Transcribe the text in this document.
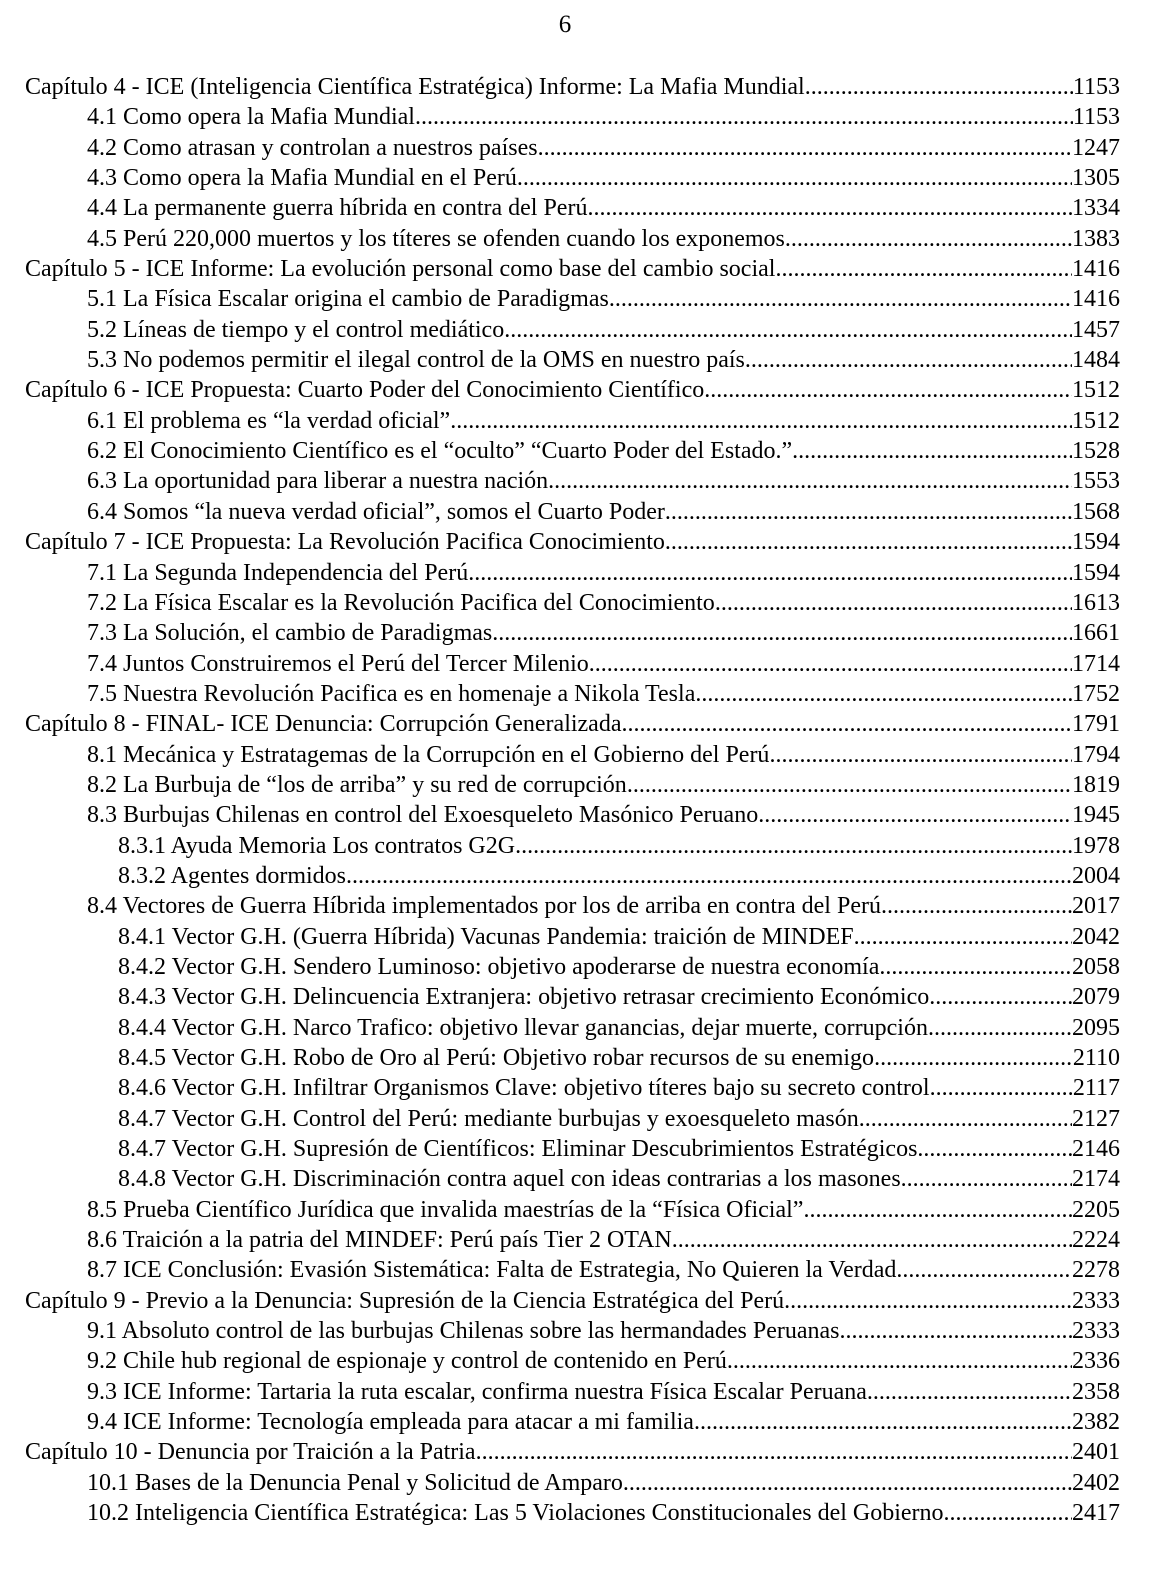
6
Capítulo 4 - ICE (Inteligencia Científica Estratégica) Informe: La Mafia Mundial .....	1153
4.1 Como opera la Mafia Mundial .....	1153
4.2 Como atrasan y controlan a nuestros países .....	1247
4.3 Como opera la Mafia Mundial en el Perú .....	1305
4.4 La permanente guerra híbrida en contra del Perú .....	1334
4.5 Perú 220,000 muertos y los títeres se ofenden cuando los exponemos .....	1383
Capítulo 5 - ICE Informe: La evolución personal como base del cambio social .....	1416
5.1 La Física Escalar origina el cambio de Paradigmas .....	1416
5.2 Líneas de tiempo y el control mediático .....	1457
5.3 No podemos permitir el ilegal control de la OMS en nuestro país .....	1484
Capítulo 6 - ICE Propuesta: Cuarto Poder del Conocimiento Científico .....	1512
6.1 El problema es “la verdad oficial” .....	1512
6.2 El Conocimiento Científico es el “oculto” “Cuarto Poder del Estado.” .....	1528
6.3 La oportunidad para liberar a nuestra nación .....	1553
6.4 Somos “la nueva verdad oficial”, somos el Cuarto Poder .....	1568
Capítulo 7 - ICE Propuesta: La Revolución Pacifica Conocimiento .....	1594
7.1 La Segunda Independencia del Perú .....	1594
7.2 La Física Escalar es la Revolución Pacifica del Conocimiento .....	1613
7.3 La Solución, el cambio de Paradigmas .....	1661
7.4 Juntos Construiremos el Perú del Tercer Milenio .....	1714
7.5 Nuestra Revolución Pacifica es en homenaje a Nikola Tesla .....	1752
Capítulo 8 - FINAL- ICE Denuncia: Corrupción Generalizada .....	1791
8.1 Mecánica y Estratagemas de la Corrupción en el Gobierno del Perú .....	1794
8.2 La Burbuja de “los de arriba” y su red de corrupción .....	1819
8.3 Burbujas Chilenas en control del Exoesqueleto Masónico Peruano .....	1945
8.3.1 Ayuda Memoria Los contratos G2G .....	1978
8.3.2 Agentes dormidos .....	2004
8.4 Vectores de Guerra Híbrida implementados por los de arriba en contra del Perú .....	2017
8.4.1 Vector G.H. (Guerra Híbrida) Vacunas Pandemia: traición de MINDEF .....	2042
8.4.2 Vector G.H. Sendero Luminoso: objetivo apoderarse de nuestra economía .....	2058
8.4.3 Vector G.H. Delincuencia Extranjera: objetivo retrasar crecimiento Económico .....	2079
8.4.4 Vector G.H. Narco Trafico: objetivo llevar ganancias, dejar muerte, corrupción .....	2095
8.4.5 Vector G.H. Robo de Oro al Perú: Objetivo robar recursos de su enemigo .....	2110
8.4.6 Vector G.H. Infiltrar Organismos Clave: objetivo títeres bajo su secreto control .....	2117
8.4.7 Vector G.H. Control del Perú: mediante burbujas y exoesqueleto masón .....	2127
8.4.7 Vector G.H. Supresión de Científicos: Eliminar Descubrimientos Estratégicos .....	2146
8.4.8 Vector G.H. Discriminación contra aquel con ideas contrarias a los masones .....	2174
8.5 Prueba Científico Jurídica que invalida maestrías de la “Física Oficial” .....	2205
8.6 Traición a la patria del MINDEF: Perú país Tier 2 OTAN .....	2224
8.7 ICE Conclusión: Evasión Sistemática: Falta de Estrategia, No Quieren la Verdad .....	2278
Capítulo 9 - Previo a la Denuncia: Supresión de la Ciencia Estratégica del Perú .....	2333
9.1 Absoluto control de las burbujas Chilenas sobre las hermandades Peruanas .....	2333
9.2 Chile hub regional de espionaje y control de contenido en Perú .....	2336
9.3 ICE Informe: Tartaria la ruta escalar, confirma nuestra Física Escalar Peruana .....	2358
9.4 ICE Informe: Tecnología empleada para atacar a mi familia .....	2382
Capítulo 10 - Denuncia por Traición a la Patria .....	2401
10.1 Bases de la Denuncia Penal y Solicitud de Amparo .....	2402
10.2 Inteligencia Científica Estratégica: Las 5 Violaciones Constitucionales del Gobierno .....	2417
